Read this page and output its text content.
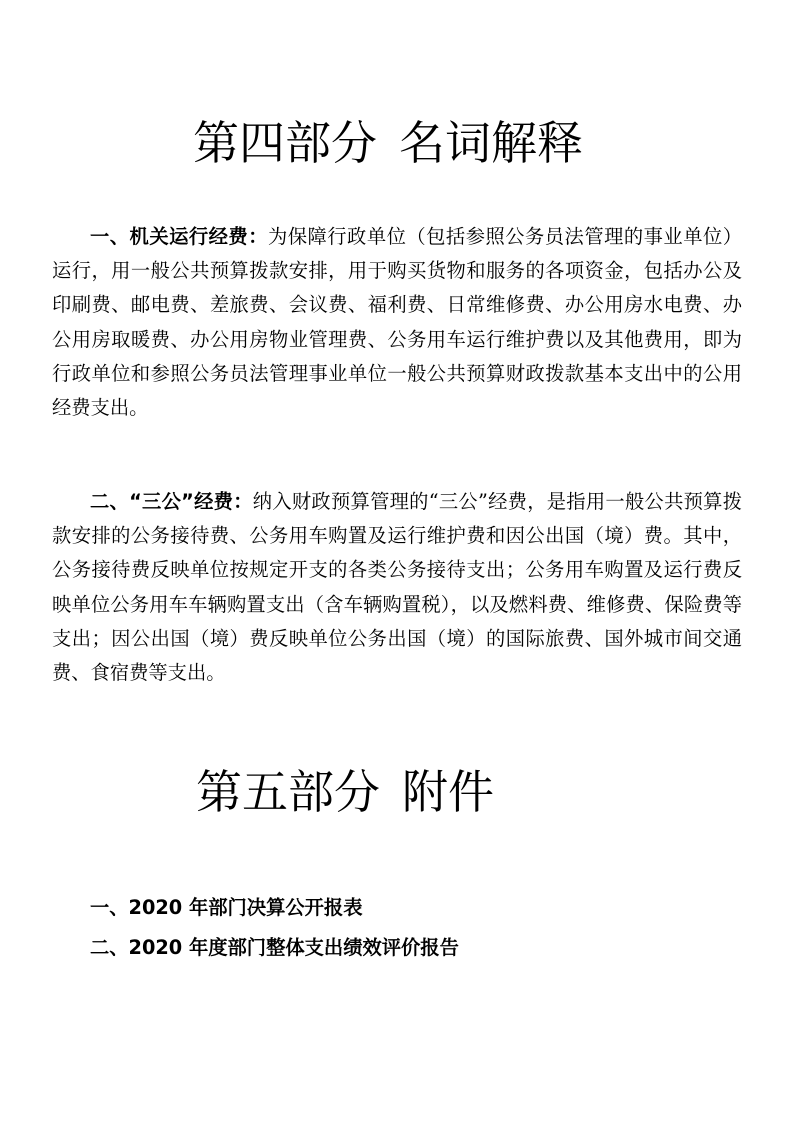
第四部分 名词解释

一、机关运行经费：为保障行政单位（包括参照公务员法管理的事业单位）运行，用一般公共预算拨款安排，用于购买货物和服务的各项资金，包括办公及印刷费、邮电费、差旅费、会议费、福利费、日常维修费、办公用房水电费、办公用房取暖费、办公用房物业管理费、公务用车运行维护费以及其他费用，即为行政单位和参照公务员法管理事业单位一般公共预算财政拨款基本支出中的公用经费支出。

二、“三公”经费：纳入财政预算管理的“三公”经费，是指用一般公共预算拨款安排的公务接待费、公务用车购置及运行维护费和因公出国（境）费。其中，公务接待费反映单位按规定开支的各类公务接待支出；公务用车购置及运行费反映单位公务用车车辆购置支出（含车辆购置税），以及燃料费、维修费、保险费等支出；因公出国（境）费反映单位公务出国（境）的国际旅费、国外城市间交通费、食宿费等支出。

第五部分 附件

一、2020 年部门决算公开报表

二、2020 年度部门整体支出绩效评价报告
